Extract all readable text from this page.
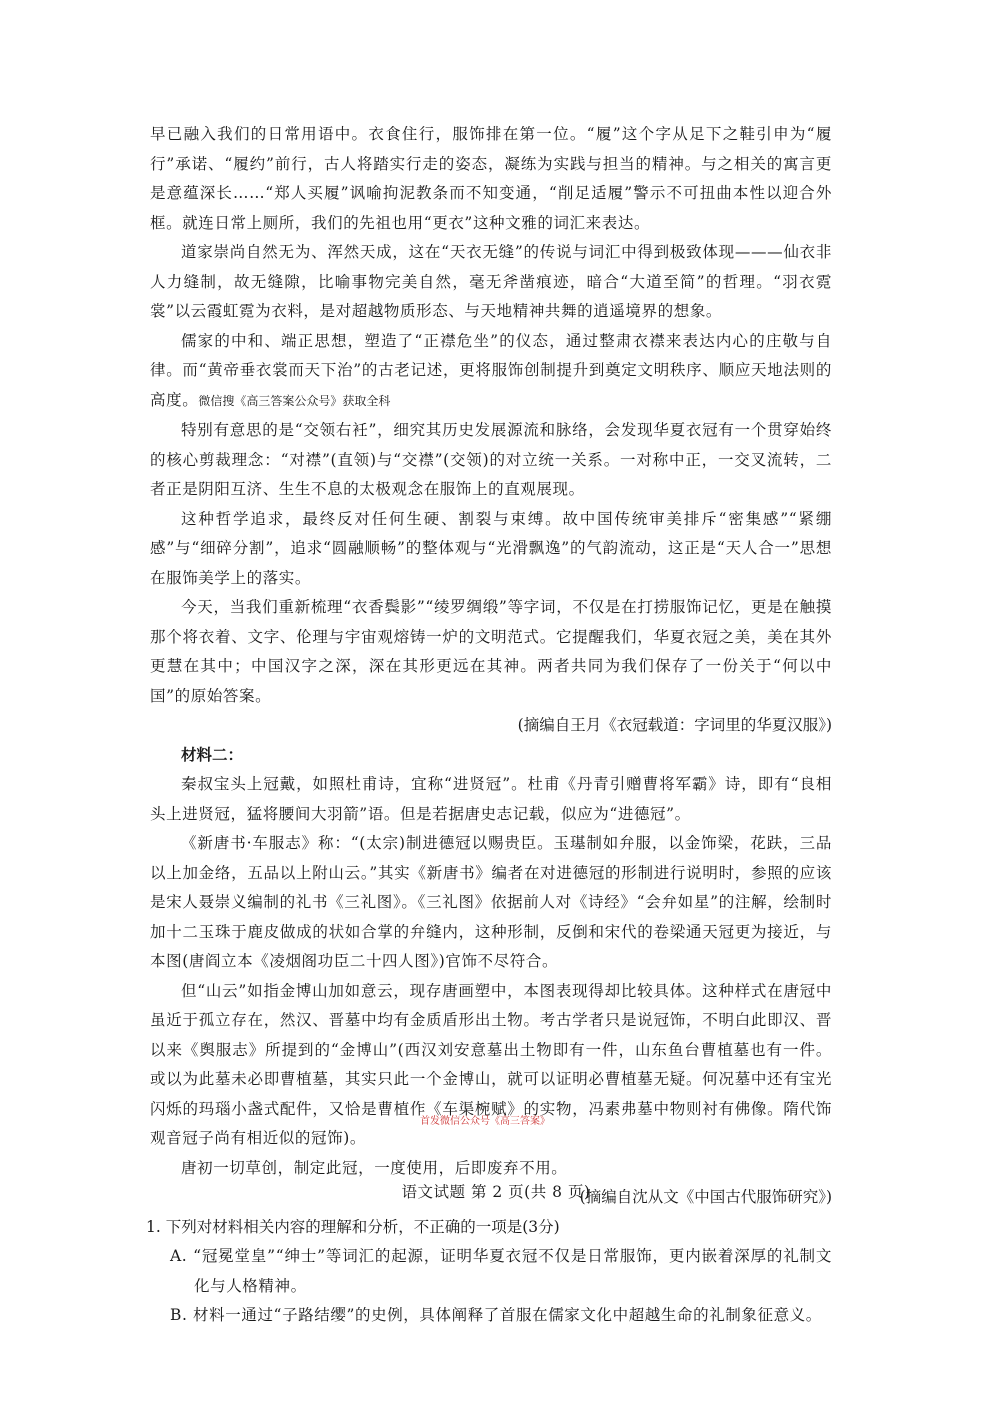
早已融入我们的日常用语中。衣食住行，服饰排在第一位。“履”这个字从足下之鞋引申为“履行”承诺、“履约”前行，古人将踏实行走的姿态，凝练为实践与担当的精神。与之相关的寓言更是意蕴深长……“郑人买履”讽喻拘泥教条而不知变通，“削足适履”警示不可扭曲本性以迎合外框。就连日常上厕所，我们的先祖也用“更衣”这种文雅的词汇来表达。

道家崇尚自然无为、浑然天成，这在“天衣无缝”的传说与词汇中得到极致体现———仙衣非人力缝制，故无缝隙，比喻事物完美自然，毫无斧凿痕迹，暗合“大道至简”的哲理。“羽衣霓裳”以云霞虹霓为衣料，是对超越物质形态、与天地精神共舞的逍遥境界的想象。

儒家的中和、端正思想，塑造了“正襟危坐”的仪态，通过整肃衣襟来表达内心的庄敬与自律。而“黄帝垂衣裳而天下治”的古老记述，更将服饰创制提升到奠定文明秩序、顺应天地法则的高度。微信搜《高三答案公众号》获取全科

特别有意思的是“交领右衽”，细究其历史发展源流和脉络，会发现华夏衣冠有一个贯穿始终的核心剪裁理念：“对襟”(直领)与“交襟”(交领)的对立统一关系。一对称中正，一交叉流转，二者正是阴阳互济、生生不息的太极观念在服饰上的直观展现。

这种哲学追求，最终反对任何生硬、割裂与束缚。故中国传统审美排斥“密集感”“紧绷感”与“细碎分割”，追求“圆融顺畅”的整体观与“光滑飘逸”的气韵流动，这正是“天人合一”思想在服饰美学上的落实。

今天，当我们重新梳理“衣香鬓影”“绫罗绸缎”等字词，不仅是在打捞服饰记忆，更是在触摸那个将衣着、文字、伦理与宇宙观熔铸一炉的文明范式。它提醒我们，华夏衣冠之美，美在其外更慧在其中；中国汉字之深，深在其形更远在其神。两者共同为我们保存了一份关于“何以中国”的原始答案。

(摘编自王月《衣冠载道：字词里的华夏汉服》)

材料二：

秦叔宝头上冠戴，如照杜甫诗，宜称“进贤冠”。杜甫《丹青引赠曹将军霸》诗，即有“良相头上进贤冠，猛将腰间大羽箭”语。但是若据唐史志记载，似应为“进德冠”。

《新唐书·车服志》称：“(太宗)制进德冠以赐贵臣。玉璂制如弁服，以金饰梁，花趺，三品以上加金络，五品以上附山云。”其实《新唐书》编者在对进德冠的形制进行说明时，参照的应该是宋人聂崇义编制的礼书《三礼图》。《三礼图》依据前人对《诗经》“会弁如星”的注解，绘制时加十二玉珠于鹿皮做成的状如合掌的弁缝内，这种形制，反倒和宋代的卷梁通天冠更为接近，与本图(唐阎立本《凌烟阁功臣二十四人图》)官饰不尽符合。

但“山云”如指金博山加如意云，现存唐画塑中，本图表现得却比较具体。这种样式在唐冠中虽近于孤立存在，然汉、晋墓中均有金质盾形出土物。考古学者只是说冠饰，不明白此即汉、晋以来《舆服志》所提到的“金博山”(西汉刘安意墓出土物即有一件，山东鱼台曹植墓也有一件。或以为此墓未必即曹植墓，其实只此一个金博山，就可以证明必曹植墓无疑。何况墓中还有宝光闪烁的玛瑙小盏式配件，又恰是曹植作《车渠椀赋》的实物，冯素弗墓中物则衬有佛像。隋代饰观音冠子尚有相近似的冠饰)。

唐初一切草创，制定此冠，一度使用，后即废弃不用。

(摘编自沈从文《中国古代服饰研究》)

1. 下列对材料相关内容的理解和分析，不正确的一项是(3分)

A. “冠冕堂皇”“绅士”等词汇的起源，证明华夏衣冠不仅是日常服饰，更内嵌着深厚的礼制文化与人格精神。

B. 材料一通过“子路结缨”的史例，具体阐释了首服在儒家文化中超越生命的礼制象征意义。

首发微信公众号《高三答案》
语文试题 第 2 页(共 8 页)
